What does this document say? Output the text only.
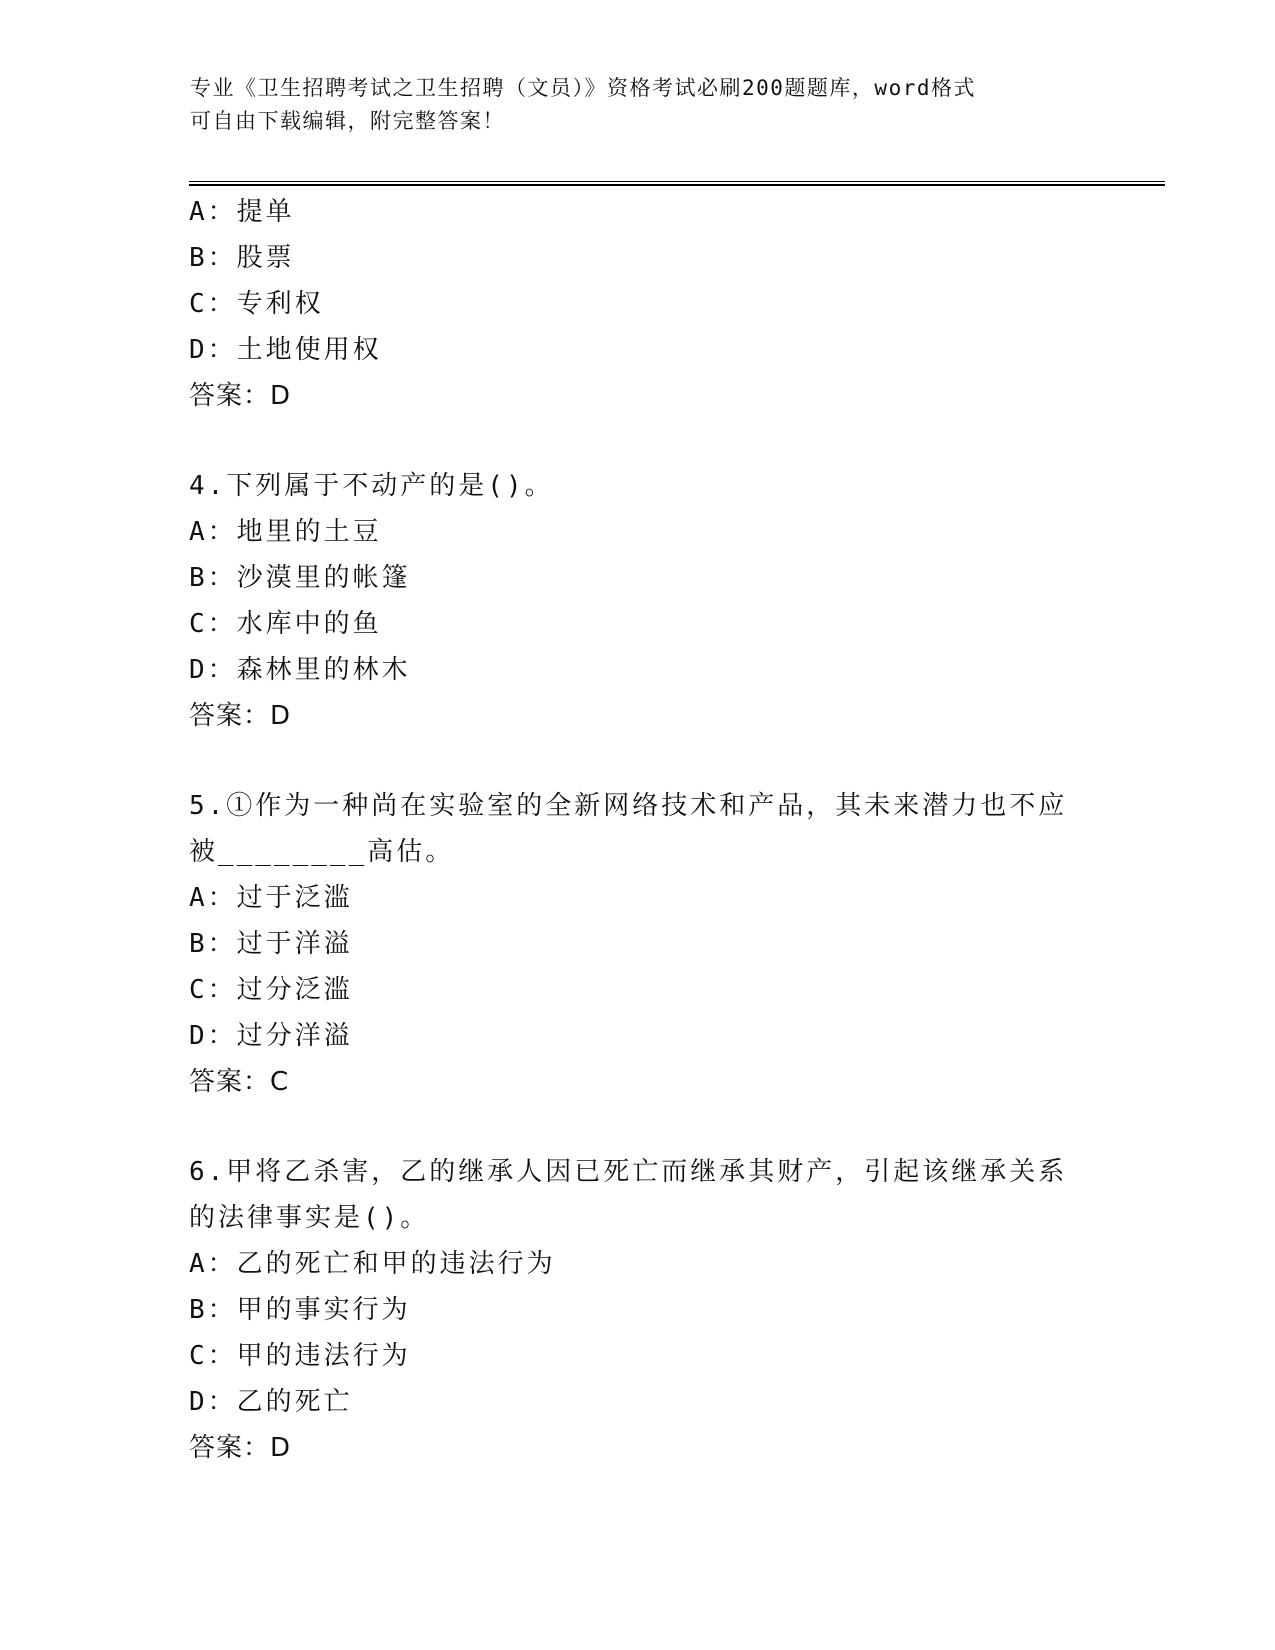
专业《卫生招聘考试之卫生招聘（文员）》资格考试必刷200题题库，word格式
可自由下载编辑，附完整答案！
A：提单
B：股票
C：专利权
D：土地使用权
答案：D
4.下列属于不动产的是()。
A：地里的土豆
B：沙漠里的帐篷
C：水库中的鱼
D：森林里的林木
答案：D
5.①作为一种尚在实验室的全新网络技术和产品，其未来潜力也不应
被________高估。
A：过于泛滥
B：过于洋溢
C：过分泛滥
D：过分洋溢
答案：C
6.甲将乙杀害，乙的继承人因已死亡而继承其财产，引起该继承关系
的法律事实是()。
A：乙的死亡和甲的违法行为
B：甲的事实行为
C：甲的违法行为
D：乙的死亡
答案：D
